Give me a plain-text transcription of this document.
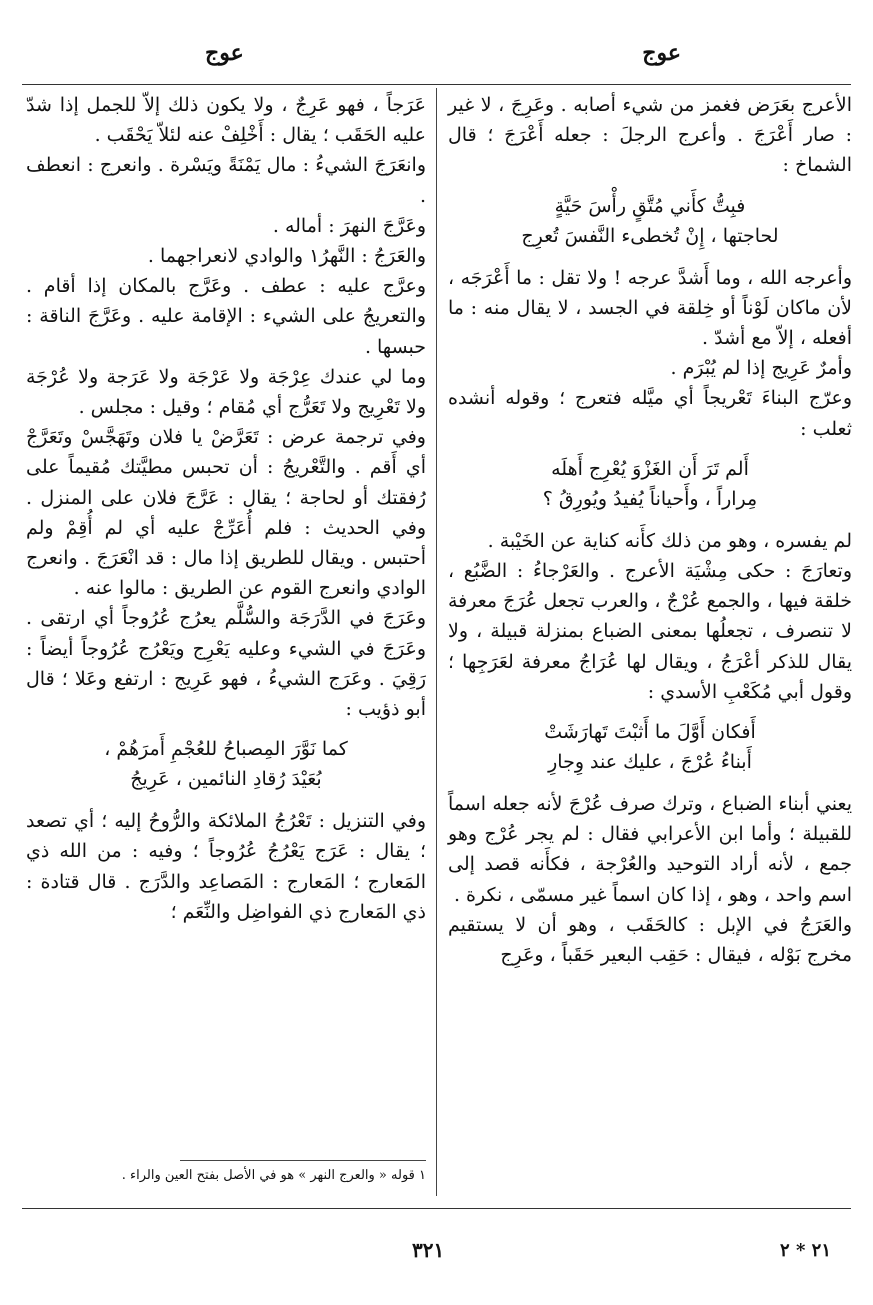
عوج
عوج

الأعرج بعَرَض فغمز من شيء أصابه . وعَرِجَ ، لا غير : صار أَعْرَجَ . وأعرج الرجلَ : جعله أَعْرَجَ ؛ قال الشماخ :

فبِتُّ كأَني مُتَّقٍ رأْسَ حَيَّةٍ
لحاجتها ، إِنْ تُخطىء النَّفسَ تُعرِج

وأعرجه الله ، وما أَشدَّ عرجه ! ولا تقل : ما أَعْرَجَه ، لأن ماكان لَوْناً أو خِلقة في الجسد ، لا يقال منه : ما أفعله ، إلاّ مع أشدّ .

وأمرٌ عَرِيج إذا لم يُبْرَم .

وعرّج البناءَ تَعْريجاً أي ميَّله فتعرج ؛ وقوله أنشده ثعلب :

أَلم تَرَ أَن الغَزْوَ يُعْرِج أَهلَه
مِراراً ، وأَحياناً يُفيدُ ويُورِقُ ؟

لم يفسره ، وهو من ذلك كأَنه كناية عن الخَيْبة .

وتعارَجَ : حكى مِشْيَة الأعرج . والعَرْجاءُ : الضَّبُع ، خلقة فيها ، والجمع عُرْجٌ ، والعرب تجعل عُرَجَ معرفة لا تنصرف ، تجعلُها بمعنى الضباع بمنزلة قبيلة ، ولا يقال للذكر أعْرَجُ ، ويقال لها عُرَاجُ معرفة لعَرَجِها ؛ وقول أبي مُكَعْبِ الأسدي :

أَفكان أَوَّلَ ما أَثبْتَ تَهارَشَتْ
أَبناءُ عُرْجَ ، عليك عند وِجارِ

يعني أبناء الضباع ، وترك صرف عُرْجَ لأنه جعله اسماً للقبيلة ؛ وأما ابن الأعرابي فقال : لم يجر عُرْج وهو جمع ، لأنه أراد التوحيد والعُرْجة ، فكأَنه قصد إلى اسم واحد ، وهو ، إذا كان اسماً غير مسمّى ، نكرة .

والعَرَجُ في الإبل : كالحَقَب ، وهو أن لا يستقيم مخرج بَوْله ، فيقال : حَقِب البعير حَقَباً ، وعَرِج

عَرَجاً ، فهو عَرِجٌ ، ولا يكون ذلك إلاّ للجمل إذا شدّ عليه الحَقَب ؛ يقال : أَخْلِفْ عنه لئلاّ يَحْقَب .

وانعَرَجَ الشيءُ : مال يَمْنَةً ويَسْرة . وانعرج : انعطف .

وعَرَّجَ النهرَ : أماله .

والعَرَجُ : النَّهرُ١ والوادي لانعراجهما .

وعرَّج عليه : عطف . وعَرَّج بالمكان إذا أقام . والتعريجُ على الشيء : الإقامة عليه . وعَرَّجَ الناقة : حبسها .

وما لي عندك عِرْجَة ولا عَرْجَة ولا عَرَجة ولا عُرْجَة ولا تَعْرِيج ولا تَعَرُّج أي مُقام ؛ وقيل : مجلس .

وفي ترجمة عرض : تَعَرَّضْ يا فلان وتَهَجَّسْ وتَعَرَّجْ أي أَقم . والتَّعْريجُ : أن تحبس مطيَّتك مُقيماً على رُفقتك أو لحاجة ؛ يقال : عَرَّجَ فلان على المنزل . وفي الحديث : فلم أُعَرِّجْ عليه أي لم أُقِمْ ولم أحتبس . ويقال للطريق إذا مال : قد انْعَرَجَ . وانعرج الوادي وانعرج القوم عن الطريق : مالوا عنه .

وعَرَجَ في الدَّرَجَة والسُّلَّم يعرُج عُرُوجاً أي ارتقى . وعَرَجَ في الشيء وعليه يَعْرِج ويَعْرُج عُرُوجاً أيضاً : رَقِيَ . وعَرَج الشيءُ ، فهو عَرِيج : ارتفع وعَلا ؛ قال أبو ذؤيب :

كما نَوَّرَ المِصباحُ للعُجْمِ أَمرَهُمْ ،
بُعَيْدَ رُقادِ النائمين ، عَرِيجُ

وفي التنزيل : تَعْرُجُ الملائكة والرُّوحُ إليه ؛ أي تصعد ؛ يقال : عَرَج يَعْرُجُ عُرُوجاً ؛ وفيه : من الله ذي المَعارج ؛ المَعارج : المَصاعِد والدَّرَج . قال قتادة : ذي المَعارج ذي الفواضِل والنِّعَم ؛

١ قوله « والعرج النهر » هو في الأصل بفتح العين والراء .
٣٢١	٢١ * ٢
